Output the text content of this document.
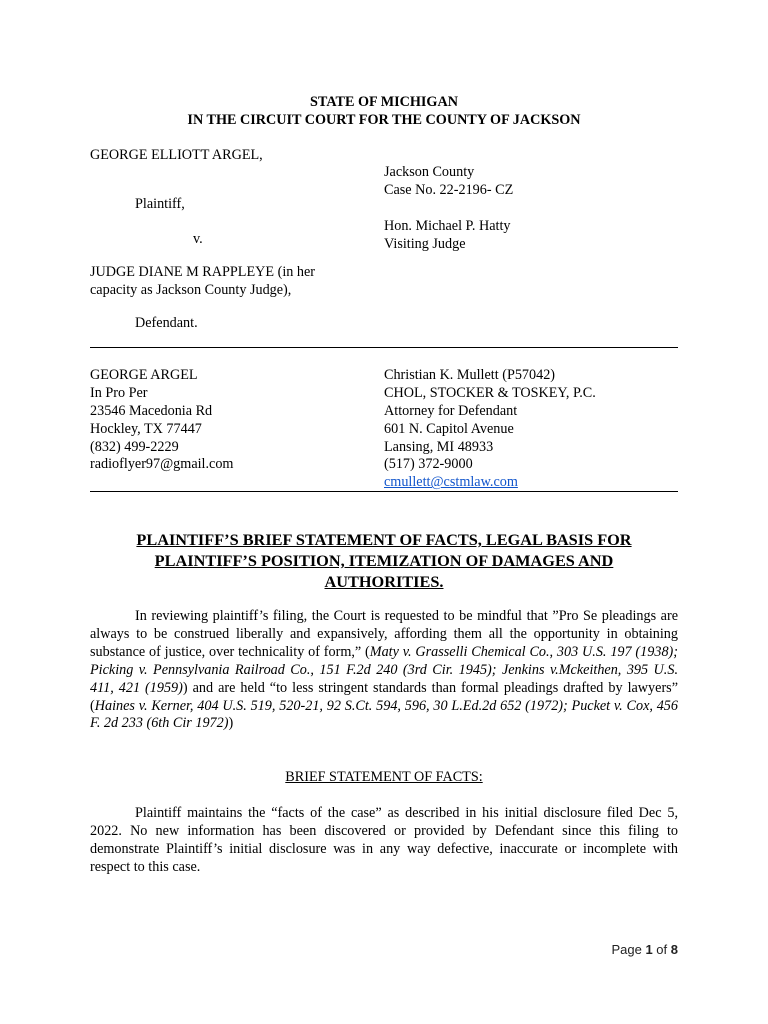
STATE OF MICHIGAN
IN THE CIRCUIT COURT FOR THE COUNTY OF JACKSON
GEORGE ELLIOTT ARGEL,
Plaintiff,
v.
JUDGE DIANE M RAPPLEYE (in her
capacity as Jackson County Judge),
Defendant.
Jackson County
Case No. 22-2196- CZ
Hon. Michael P. Hatty
Visiting Judge
GEORGE ARGEL
In Pro Per
23546 Macedonia Rd
Hockley, TX 77447
(832) 499-2229
radioflyer97@gmail.com
Christian K. Mullett (P57042)
CHOL, STOCKER & TOSKEY, P.C.
Attorney for Defendant
601 N. Capitol Avenue
Lansing, MI 48933
(517) 372-9000
cmullett@cstmlaw.com
PLAINTIFF’S BRIEF STATEMENT OF FACTS, LEGAL BASIS FOR
PLAINTIFF’S POSITION, ITEMIZATION OF DAMAGES AND
AUTHORITIES.
In reviewing plaintiff’s filing, the Court is requested to be mindful that ”Pro Se pleadings are always to be construed liberally and expansively, affording them all the opportunity in obtaining substance of justice, over technicality of form,” (Maty v. Grasselli Chemical Co., 303 U.S. 197 (1938); Picking v. Pennsylvania Railroad Co., 151 F.2d 240 (3rd Cir. 1945); Jenkins v.Mckeithen, 395 U.S. 411, 421 (1959)) and are held “to less stringent standards than formal pleadings drafted by lawyers” (Haines v. Kerner, 404 U.S. 519, 520-21, 92 S.Ct. 594, 596, 30 L.Ed.2d 652 (1972); Pucket v. Cox, 456 F. 2d 233 (6th Cir 1972))
BRIEF STATEMENT OF FACTS:
Plaintiff maintains the “facts of the case” as described in his initial disclosure filed Dec 5, 2022. No new information has been discovered or provided by Defendant since this filing to demonstrate Plaintiff’s initial disclosure was in any way defective, inaccurate or incomplete with respect to this case.
Page 1 of 8
